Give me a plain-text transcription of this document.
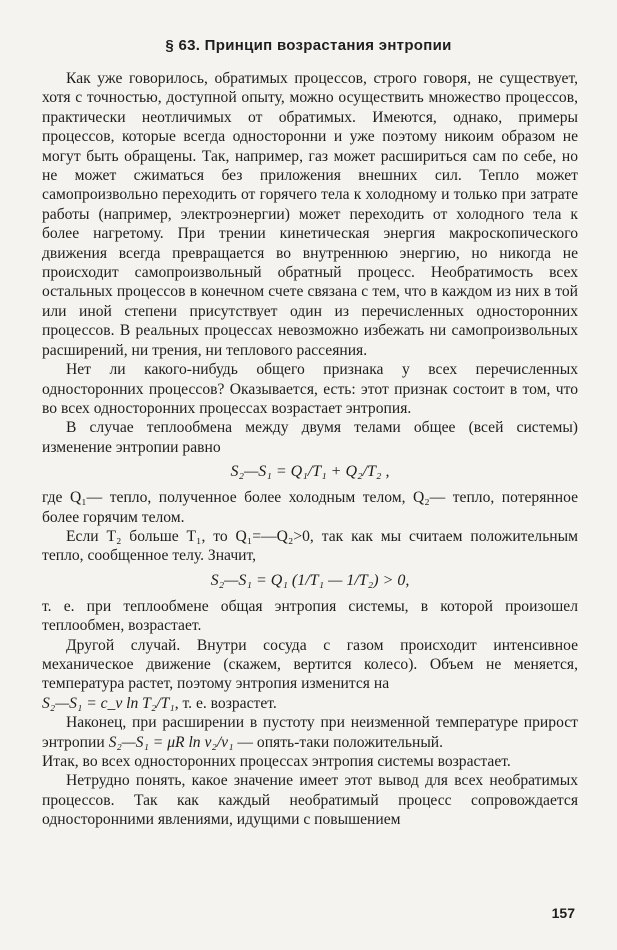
§ 63. Принцип возрастания энтропии

Как уже говорилось, обратимых процессов, строго говоря, не существует, хотя с точностью, доступной опыту, можно осуществить множество процессов, практически неотличимых от обратимых. Имеются, однако, примеры процессов, которые всегда односторонни и уже поэтому никоим образом не могут быть обращены. Так, например, газ может расшириться сам по себе, но не может сжиматься без приложения внешних сил. Тепло может самопроизвольно переходить от горячего тела к холодному и только при затрате работы (например, электроэнергии) может переходить от холодного тела к более нагретому. При трении кинетическая энергия макроскопического движения всегда превращается во внутреннюю энергию, но никогда не происходит самопроизвольный обратный процесс. Необратимость всех остальных процессов в конечном счете связана с тем, что в каждом из них в той или иной степени присутствует один из перечисленных односторонних процессов. В реальных процессах невозможно избежать ни самопроизвольных расширений, ни трения, ни теплового рассеяния.

Нет ли какого-нибудь общего признака у всех перечисленных односторонних процессов? Оказывается, есть: этот признак состоит в том, что во всех односторонних процессах возрастает энтропия.

В случае теплообмена между двумя телами общее (всей системы) изменение энтропии равно

S₂—S₁ = Q₁/T₁ + Q₂/T₂ ,

где Q₁— тепло, полученное более холодным телом, Q₂— тепло, потерянное более горячим телом.

Если T₂ больше T₁, то Q₁=—Q₂>0, так как мы считаем положительным тепло, сообщенное телу. Значит,

S₂—S₁ = Q₁ (1/T₁ — 1/T₂) > 0,

т. е. при теплообмене общая энтропия системы, в которой произошел теплообмен, возрастает.

Другой случай. Внутри сосуда с газом происходит интенсивное механическое движение (скажем, вертится колесо). Объем не меняется, температура растет, поэтому энтропия изменится на

S₂—S₁ = c_v ln T₂/T₁, т. е. возрастет.

Наконец, при расширении в пустоту при неизменной температуре прирост энтропии S₂—S₁ = μR ln v₂/v₁ — опять-таки положительный.

Итак, во всех односторонних процессах энтропия системы возрастает.

Нетрудно понять, какое значение имеет этот вывод для всех необратимых процессов. Так как каждый необратимый процесс сопровождается односторонними явлениями, идущими с повышением

157
